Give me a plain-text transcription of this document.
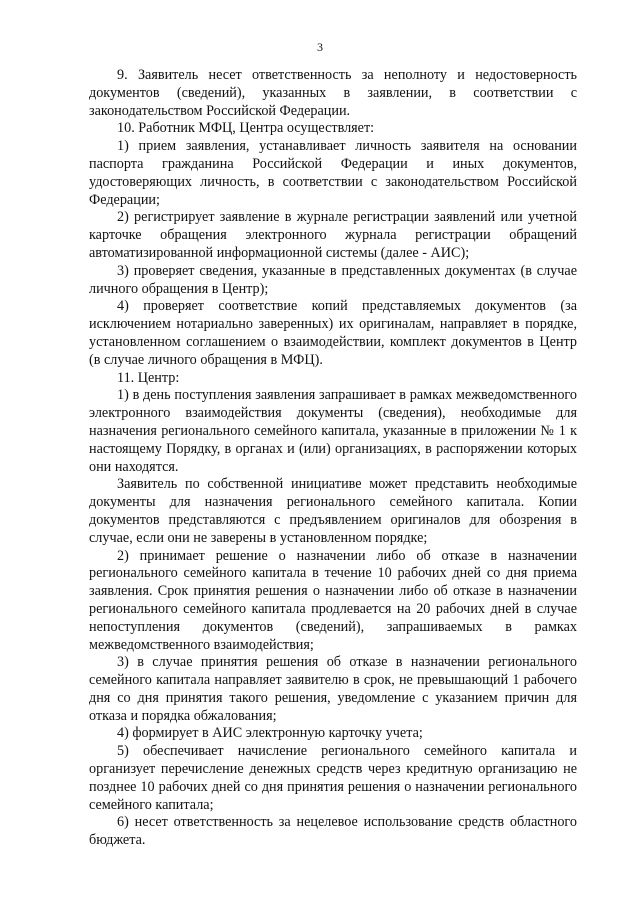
3

9. Заявитель несет ответственность за неполноту и недостоверность документов (сведений), указанных в заявлении, в соответствии с законодательством Российской Федерации.

10. Работник МФЦ, Центра осуществляет:

1) прием заявления, устанавливает личность заявителя на основании паспорта гражданина Российской Федерации и иных документов, удостоверяющих личность, в соответствии с законодательством Российской Федерации;

2) регистрирует заявление в журнале регистрации заявлений или учетной карточке обращения электронного журнала регистрации обращений автоматизированной информационной системы (далее - АИС);

3) проверяет сведения, указанные в представленных документах (в случае личного обращения в Центр);

4) проверяет соответствие копий представляемых документов (за исключением нотариально заверенных) их оригиналам, направляет в порядке, установленном соглашением о взаимодействии, комплект документов в Центр (в случае личного обращения в МФЦ).

11. Центр:

1) в день поступления заявления запрашивает в рамках межведомственного электронного взаимодействия документы (сведения), необходимые для назначения регионального семейного капитала, указанные в приложении № 1 к настоящему Порядку, в органах и (или) организациях, в распоряжении которых они находятся.

Заявитель по собственной инициативе может представить необходимые документы для назначения регионального семейного капитала. Копии документов представляются с предъявлением оригиналов для обозрения в случае, если они не заверены в установленном порядке;

2) принимает решение о назначении либо об отказе в назначении регионального семейного капитала в течение 10 рабочих дней со дня приема заявления. Срок принятия решения о назначении либо об отказе в назначении регионального семейного капитала продлевается на 20 рабочих дней в случае непоступления документов (сведений), запрашиваемых в рамках межведомственного взаимодействия;

3) в случае принятия решения об отказе в назначении регионального семейного капитала направляет заявителю в срок, не превышающий 1 рабочего дня со дня принятия такого решения, уведомление с указанием причин для отказа и порядка обжалования;

4) формирует в АИС электронную карточку учета;

5) обеспечивает начисление регионального семейного капитала и организует перечисление денежных средств через кредитную организацию не позднее 10 рабочих дней со дня принятия решения о назначении регионального семейного капитала;

6) несет ответственность за нецелевое использование средств областного бюджета.
